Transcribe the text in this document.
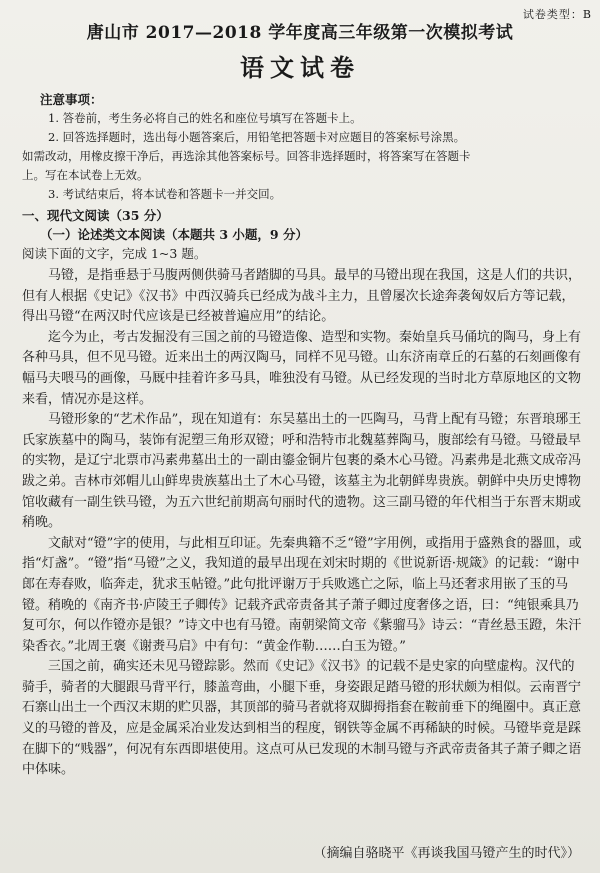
试卷类型：B
唐山市 2017—2018 学年度高三年级第一次模拟考试
语文试卷
注意事项：
1. 答卷前，考生务必将自己的姓名和座位号填写在答题卡上。
2. 回答选择题时，选出每小题答案后，用铅笔把答题卡对应题目的答案标号涂黑。
如需改动，用橡皮擦干净后，再选涂其他答案标号。回答非选择题时，将答案写在答题卡
上。写在本试卷上无效。
3. 考试结束后，将本试卷和答题卡一并交回。
一、现代文阅读（35 分）
（一）论述类文本阅读（本题共 3 小题，9 分）
阅读下面的文字，完成 1~3 题。

马镫，是指垂悬于马腹两侧供骑马者踏脚的马具。最早的马镫出现在我国，这是人们的共识，但有人根据《史记》《汉书》中西汉骑兵已经成为战斗主力，且曾屡次长途奔袭匈奴后方等记载，得出马镫“在两汉时代应该是已经被普遍应用”的结论。

迄今为止，考古发掘没有三国之前的马镫造像、造型和实物。秦始皇兵马俑坑的陶马，身上有各种马具，但不见马镫。近来出土的两汉陶马，同样不见马镫。山东济南章丘的石墓的石刻画像有幅马夫喂马的画像，马厩中挂着许多马具，唯独没有马镫。从已经发现的当时北方草原地区的文物来看，情况亦是这样。

马镫形象的“艺术作品”，现在知道有：东吴墓出土的一匹陶马，马背上配有马镫；东晋琅琊王氏家族墓中的陶马，装饰有泥塑三角形双镫；呼和浩特市北魏墓葬陶马，腹部绘有马镫。马镫最早的实物，是辽宁北票市冯素弗墓出土的一副由鎏金铜片包裹的桑木心马镫。冯素弗是北燕文成帝冯跋之弟。吉林市郊帽儿山鲜卑贵族墓出土了木心马镫，该墓主为北朝鲜卑贵族。朝鲜中央历史博物馆收藏有一副生铁马镫，为五六世纪前期高句丽时代的遗物。这三副马镫的年代相当于东晋末期或稍晚。

文献对“镫”字的使用，与此相互印证。先秦典籍不乏“镫”字用例，或指用于盛熟食的器皿，或指“灯盏”。“镫”指“马镫”之义，我知道的最早出现在刘宋时期的《世说新语·规箴》的记载：“谢中郎在寿春败，临奔走，犹求玉帖镫。”此句批评谢万于兵败逃亡之际，临上马还奢求用嵌了玉的马镫。稍晚的《南齐书·庐陵王子卿传》记载齐武帝责备其子萧子卿过度奢侈之语，曰：“纯银乘具乃复可尔，何以作镫亦是银？”诗文中也有马镫。南朝梁简文帝《紫骝马》诗云：“青丝悬玉蹬，朱汗染香衣。”北周王褒《谢赉马启》中有句：“黄金作勒……白玉为镫。”

三国之前，确实还未见马镫踪影。然而《史记》《汉书》的记载不是史家的向壁虚构。汉代的骑手，骑者的大腿跟马背平行，膝盖弯曲，小腿下垂，身姿跟足踏马镫的形状颇为相似。云南晋宁石寨山出土一个西汉末期的贮贝器，其顶部的骑马者就将双脚拇指套在鞍前垂下的绳圈中。真正意义的马镫的普及，应是金属采冶业发达到相当的程度，钢铁等金属不再稀缺的时候。马镫毕竟是踩在脚下的“贱器”，何况有东西即堪使用。这点可从已发现的木制马镫与齐武帝责备其子萧子卿之语中体味。

（摘编自骆晓平《再谈我国马镫产生的时代》）
